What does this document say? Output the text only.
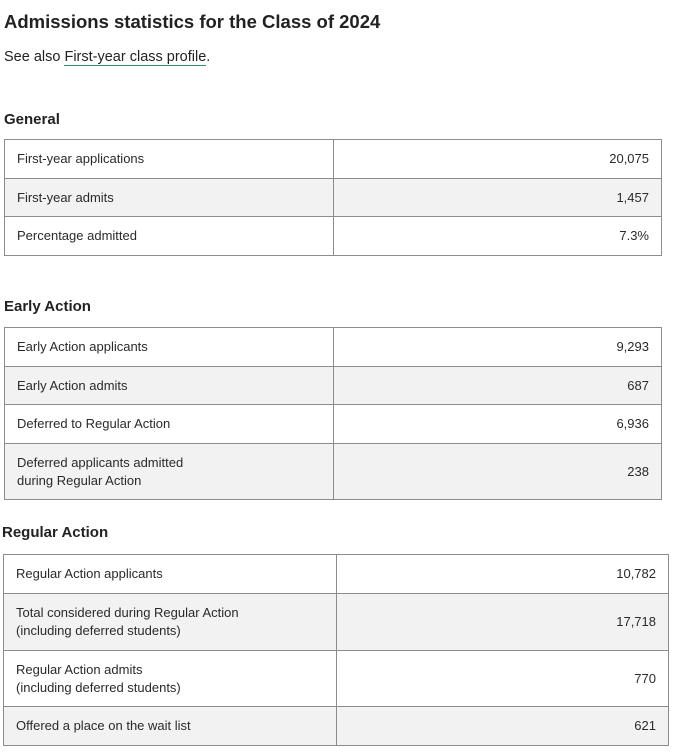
Admissions statistics for the Class of 2024

See also First-year class profile.

General
First-year applications	20,075
First-year admits	1,457
Percentage admitted	7.3%
Early Action
Early Action applicants	9,293
Early Action admits	687
Deferred to Regular Action	6,936
Deferred applicants admitted
during Regular Action	238
Regular Action
Regular Action applicants	10,782
Total considered during Regular Action
(including deferred students)	17,718
Regular Action admits
(including deferred students)	770
Offered a place on the wait list	621
